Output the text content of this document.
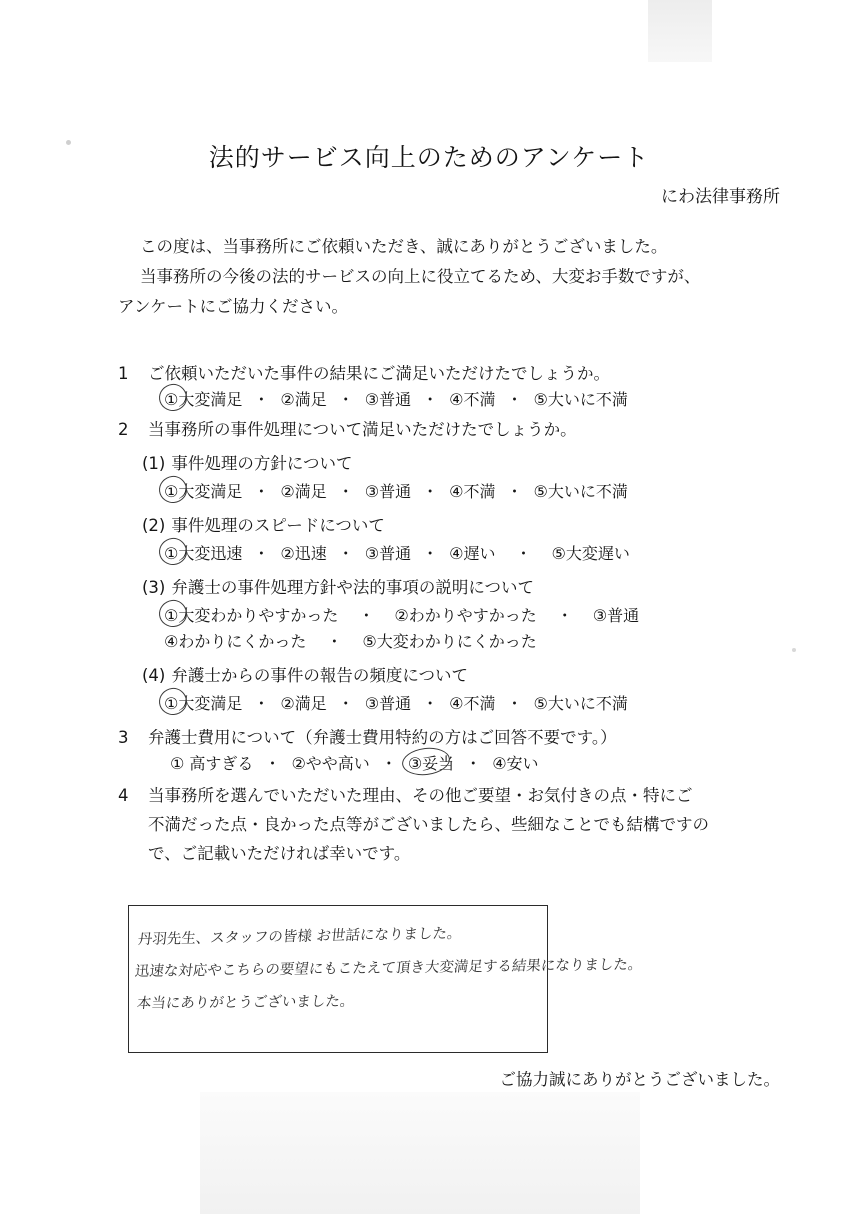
法的サービス向上のためのアンケート
にわ法律事務所

この度は、当事務所にご依頼いただき、誠にありがとうございました。

当事務所の今後の法的サービスの向上に役立てるため、大変お手数ですが、

アンケートにご協力ください。

1	ご依頼いただいた事件の結果にご満足いただけたでしょうか。
①大変満足 ・ ②満足 ・ ③普通 ・ ④不満 ・ ⑤大いに不満
2	当事務所の事件処理について満足いただけたでしょうか。
(1) 事件処理の方針について
①大変満足 ・ ②満足 ・ ③普通 ・ ④不満 ・ ⑤大いに不満
(2) 事件処理のスピードについて
①大変迅速 ・ ②迅速 ・ ③普通 ・ ④遅い ・ ⑤大変遅い
(3) 弁護士の事件処理方針や法的事項の説明について
①大変わかりやすかった ・ ②わかりやすかった ・ ③普通
④わかりにくかった ・ ⑤大変わかりにくかった
(4) 弁護士からの事件の報告の頻度について
①大変満足 ・ ②満足 ・ ③普通 ・ ④不満 ・ ⑤大いに不満
3	弁護士費用について（弁護士費用特約の方はご回答不要です。）
① 高すぎる ・ ②やや高い ・ ③妥当 ・ ④安い
4	当事務所を選んでいただいた理由、その他ご要望・お気付きの点・特にご
不満だった点・良かった点等がございましたら、些細なことでも結構ですの
で、ご記載いただければ幸いです。
丹羽先生、スタッフの皆様 お世話になりました。
迅速な対応やこちらの要望にもこたえて頂き大変満足する結果になりました。
本当にありがとうございました。
ご協力誠にありがとうございました。
